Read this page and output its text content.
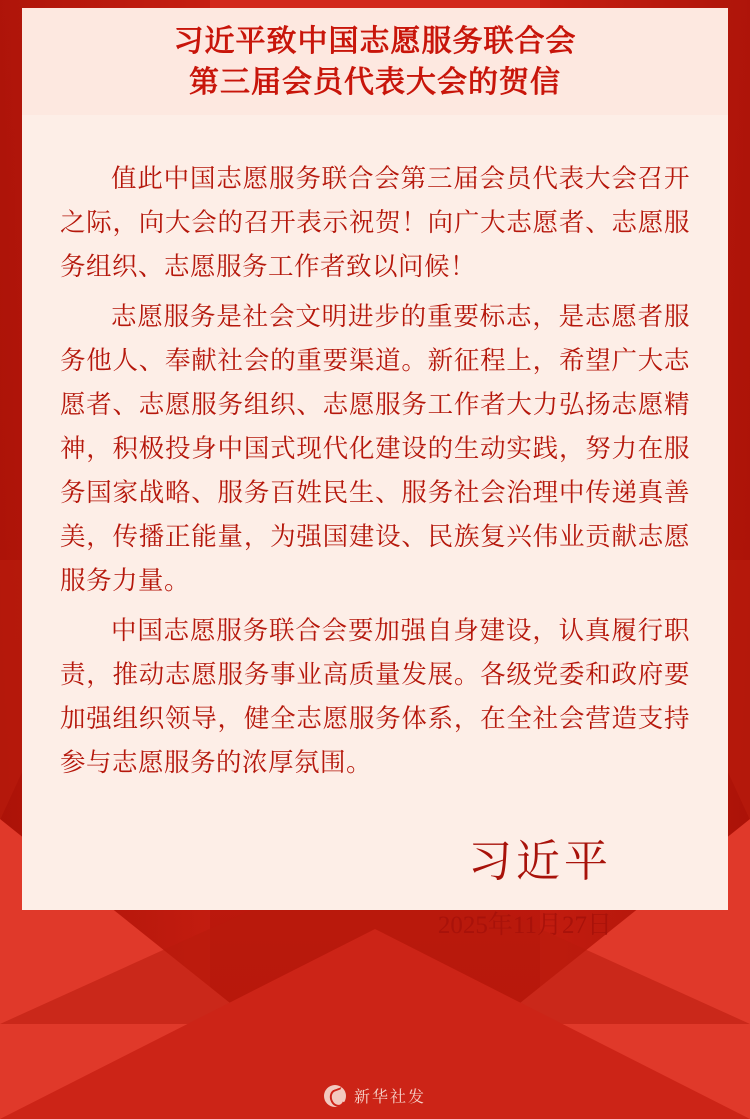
习近平致中国志愿服务联合会
第三届会员代表大会的贺信

值此中国志愿服务联合会第三届会员代表大会召开之际，向大会的召开表示祝贺！向广大志愿者、志愿服务组织、志愿服务工作者致以问候！

志愿服务是社会文明进步的重要标志，是志愿者服务他人、奉献社会的重要渠道。新征程上，希望广大志愿者、志愿服务组织、志愿服务工作者大力弘扬志愿精神，积极投身中国式现代化建设的生动实践，努力在服务国家战略、服务百姓民生、服务社会治理中传递真善美，传播正能量，为强国建设、民族复兴伟业贡献志愿服务力量。

中国志愿服务联合会要加强自身建设，认真履行职责，推动志愿服务事业高质量发展。各级党委和政府要加强组织领导，健全志愿服务体系，在全社会营造支持参与志愿服务的浓厚氛围。

习近平
2025年11月27日
新华社发
